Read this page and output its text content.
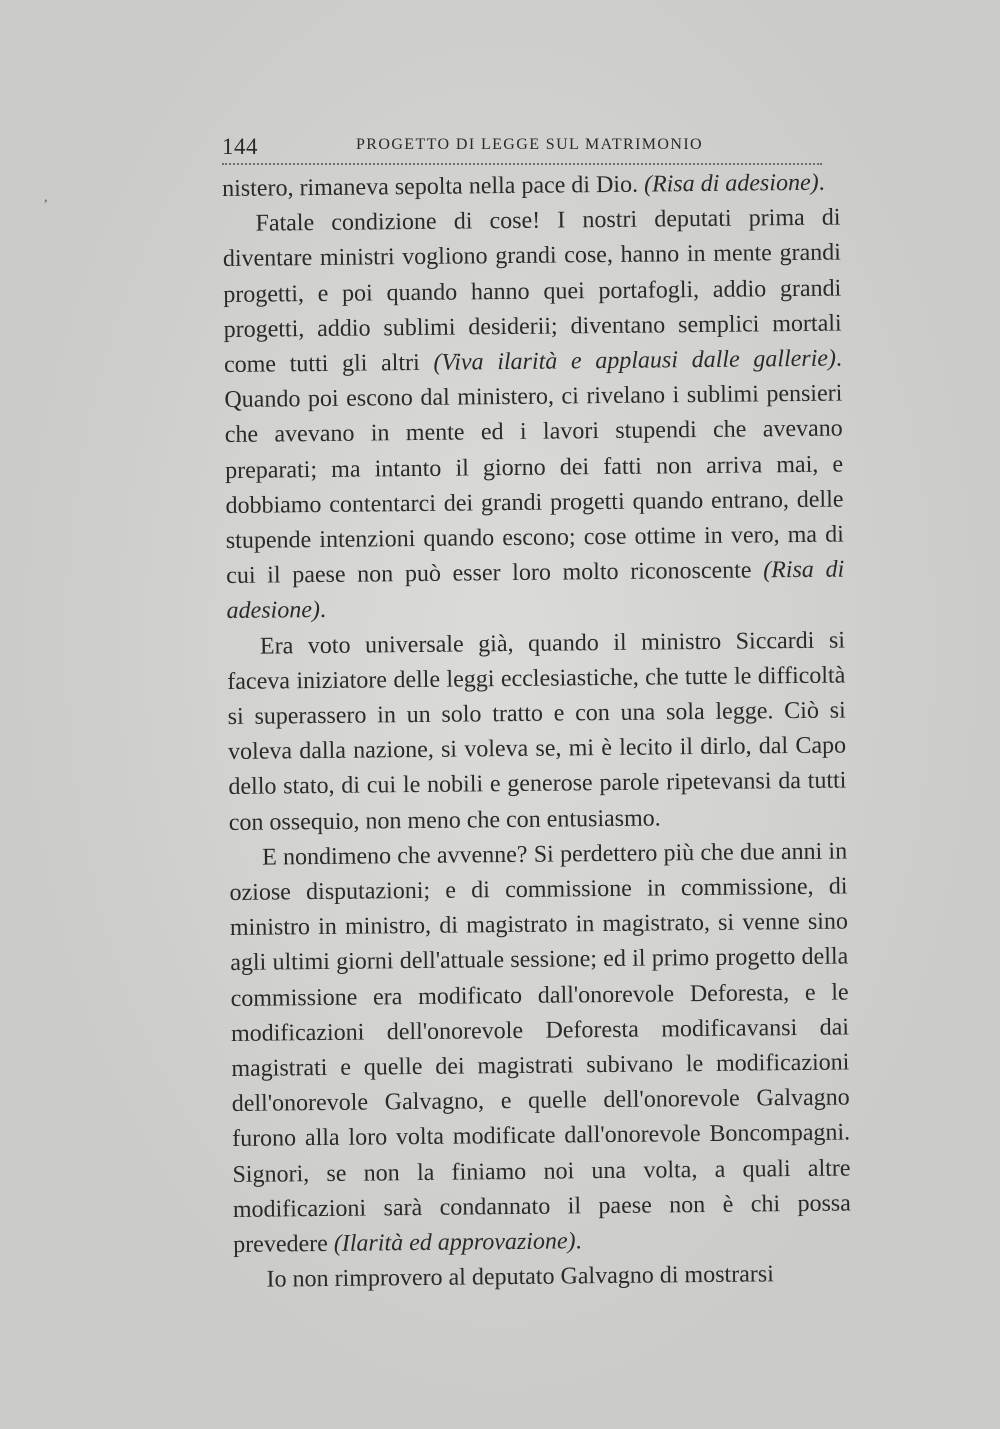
144	PROGETTO DI LEGGE SUL MATRIMONIO

nistero, rimaneva sepolta nella pace di Dio. (Risa di adesione).

Fatale condizione di cose! I nostri deputati prima di diventare ministri vogliono grandi cose, hanno in mente grandi progetti, e poi quando hanno quei portafogli, addio grandi progetti, addio sublimi desiderii; diventano semplici mortali come tutti gli altri (Viva ilarità e applausi dalle gallerie). Quando poi escono dal ministero, ci rivelano i sublimi pensieri che avevano in mente ed i lavori stupendi che avevano preparati; ma intanto il giorno dei fatti non arriva mai, e dobbiamo contentarci dei grandi progetti quando entrano, delle stupende intenzioni quando escono; cose ottime in vero, ma di cui il paese non può esser loro molto riconoscente (Risa di adesione).

Era voto universale già, quando il ministro Siccardi si faceva iniziatore delle leggi ecclesiastiche, che tutte le difficoltà si superassero in un solo tratto e con una sola legge. Ciò si voleva dalla nazione, si voleva se, mi è lecito il dirlo, dal Capo dello stato, di cui le nobili e generose parole ripetevansi da tutti con ossequio, non meno che con entusiasmo.

E nondimeno che avvenne? Si perdettero più che due anni in oziose disputazioni; e di commissione in commissione, di ministro in ministro, di magistrato in magistrato, si venne sino agli ultimi giorni dell'attuale sessione; ed il primo progetto della commissione era modificato dall'onorevole Deforesta, e le modificazioni dell'onorevole Deforesta modificavansi dai magistrati e quelle dei magistrati subivano le modificazioni dell'onorevole Galvagno, e quelle dell'onorevole Galvagno furono alla loro volta modificate dall'onorevole Boncompagni. Signori, se non la finiamo noi una volta, a quali altre modificazioni sarà condannato il paese non è chi possa prevedere (Ilarità ed approvazione).

Io non rimprovero al deputato Galvagno di mostrarsi

,
